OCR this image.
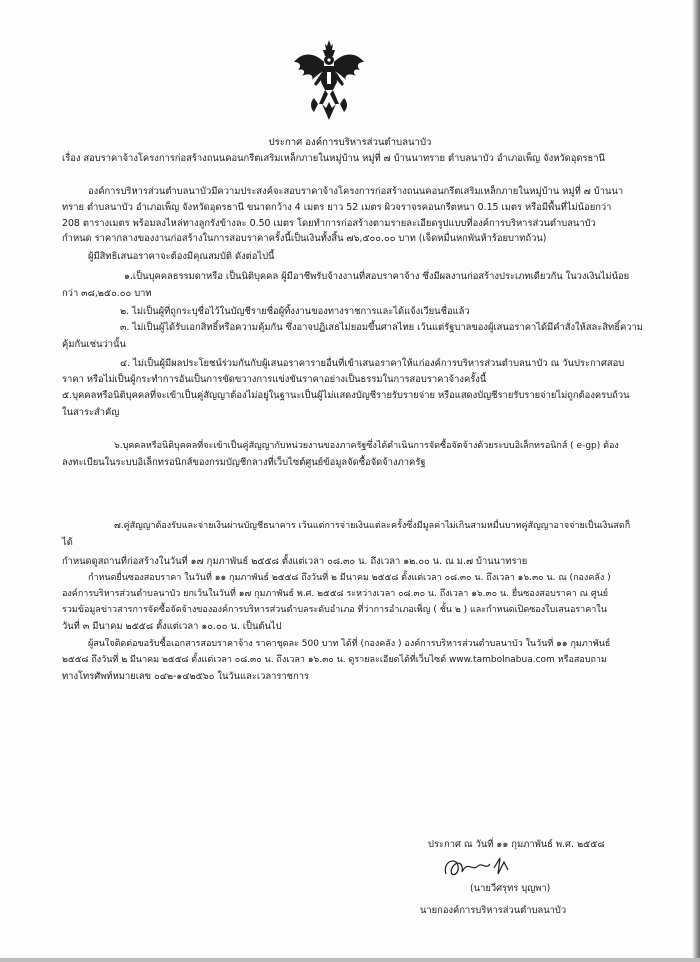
ประกาศ องค์การบริหารส่วนตำบลนาบัว
เรื่อง สอบราคาจ้างโครงการก่อสร้างถนนคอนกรีตเสริมเหล็กภายในหมู่บ้าน หมู่ที่ ๗ บ้านนาทราย ตำบลนาบัว อำเภอเพ็ญ จังหวัดอุดรธานี
องค์การบริหารส่วนตำบลนาบัวมีความประสงค์จะสอบราคาจ้างโครงการก่อสร้างถนนคอนกรีตเสริมเหล็กภายในหมู่บ้าน หมู่ที่ ๗ บ้านนา
ทราย ตำบลนาบัว อำเภอเพ็ญ จังหวัดอุดรธานี ขนาดกว้าง 4 เมตร ยาว 52 เมตร ผิวจราจรคอนกรีตหนา 0.15 เมตร หรือมีพื้นที่ไม่น้อยกว่า
208 ตารางเมตร พร้อมลงไหล่ทางลูกรังข้างละ 0.50 เมตร โดยทำการก่อสร้างตามรายละเอียดรูปแบบที่องค์การบริหารส่วนตำบลนาบัว
กำหนด ราคากลางของงานก่อสร้างในการสอบราคาครั้งนี้เป็นเงินทั้งสิ้น ๗๖,๕๐๐.๐๐ บาท (เจ็ดหมื่นหกพันห้าร้อยบาทถ้วน)
ผู้มีสิทธิเสนอราคาจะต้องมีคุณสมบัติ ดังต่อไปนี้
๑.เป็นบุคคลธรรมดาหรือ เป็นนิติบุคคล ผู้มีอาชีพรับจ้างงานที่สอบราคาจ้าง ซึ่งมีผลงานก่อสร้างประเภทเดียวกัน ในวงเงินไม่น้อย
กว่า ๓๘,๒๕๐.๐๐ บาท
๒. ไม่เป็นผู้ที่ถูกระบุชื่อไว้ในบัญชีรายชื่อผู้ทิ้งงานของทางราชการและได้แจ้งเวียนชื่อแล้ว
๓. ไม่เป็นผู้ได้รับเอกสิทธิ์หรือความคุ้มกัน ซึ่งอาจปฏิเสธไม่ยอมขึ้นศาลไทย เว้นแต่รัฐบาลของผู้เสนอราคาได้มีคำสั่งให้สละสิทธิ์ความ
คุ้มกันเช่นว่านั้น
๔. ไม่เป็นผู้มีผลประโยชน์ร่วมกันกับผู้เสนอราคารายอื่นที่เข้าเสนอราคาให้แก่องค์การบริหารส่วนตำบลนาบัว ณ วันประกาศสอบ
ราคา หรือไม่เป็นผู้กระทำการอันเป็นการขัดขวางการแข่งขันราคาอย่างเป็นธรรมในการสอบราคาจ้างครั้งนี้
๕.บุคคลหรือนิติบุคคลที่จะเข้าเป็นคู่สัญญาต้องไม่อยู่ในฐานะเป็นผู้ไม่แสดงบัญชีรายรับรายจ่าย หรือแสดงบัญชีรายรับรายจ่ายไม่ถูกต้องครบถ้วน
ในสาระสำคัญ
๖.บุคคลหรือนิติบุคคลที่จะเข้าเป็นคู่สัญญากับหน่วยงานของภาครัฐซึ่งได้ดำเนินการจัดซื้อจัดจ้างด้วยระบบอิเล็กทรอนิกส์ ( e-gp) ต้อง
ลงทะเบียนในระบบอิเล็กทรอนิกส์ของกรมบัญชีกลางที่เว็บไซต์ศูนย์ข้อมูลจัดซื้อจัดจ้างภาครัฐ
๗.คู่สัญญาต้องรับและจ่ายเงินผ่านบัญชีธนาคาร เว้นแต่การจ่ายเงินแต่ละครั้งซึ่งมีมูลค่าไม่เกินสามหมื่นบาทคู่สัญญาอาจจ่ายเป็นเงินสดก็
ได้
กำหนดดูสถานที่ก่อสร้างในวันที่ ๑๗ กุมภาพันธ์ ๒๕๕๘ ตั้งแต่เวลา ๐๘.๓๐ น. ถึงเวลา ๑๒.๐๐ น. ณ ม.๗ บ้านนาทราย
กำหนดยื่นซองสอบราคา ในวันที่ ๑๑ กุมภาพันธ์ ๒๕๕๘ ถึงวันที่ ๒ มีนาคม ๒๕๕๘ ตั้งแต่เวลา ๐๘.๓๐ น. ถึงเวลา ๑๖.๓๐ น. ณ (กองคลัง )
องค์การบริหารส่วนตำบลนาบัว ยกเว้นในวันที่ ๑๗ กุมภาพันธ์ พ.ศ. ๒๕๕๘ ระหว่างเวลา ๐๘.๓๐ น. ถึงเวลา ๑๖.๓๐ น. ยื่นซองสอบราคา ณ ศูนย์
รวมข้อมูลข่าวสารการจัดซื้อจัดจ้างขององค์การบริหารส่วนตำบลระดับอำเภอ ที่ว่าการอำเภอเพ็ญ ( ชั้น ๒ ) และกำหนดเปิดซองใบเสนอราคาใน
วันที่ ๓ มีนาคม ๒๕๕๘ ตั้งแต่เวลา ๑๐.๐๐ น. เป็นต้นไป
ผู้สนใจติดต่อขอรับซื้อเอกสารสอบราคาจ้าง ราคาชุดละ 500 บาท ได้ที่ (กองคลัง ) องค์การบริหารส่วนตำบลนาบัว ในวันที่ ๑๑ กุมภาพันธ์
๒๕๕๘ ถึงวันที่ ๒ มีนาคม ๒๕๕๘ ตั้งแต่เวลา ๐๘.๓๐ น. ถึงเวลา ๑๖.๓๐ น. ดูรายละเอียดได้ที่เว็บไซต์ www.tambolnabua.com หรือสอบถาม
ทางโทรศัพท์หมายเลข ๐๔๒-๑๔๒๕๖๐ ในวันและเวลาราชการ
ประกาศ ณ วันที่ ๑๑ กุมภาพันธ์ พ.ศ. ๒๕๕๘
(นายวีศรุทร บุญพา)
นายกองค์การบริหารส่วนตำบลนาบัว
